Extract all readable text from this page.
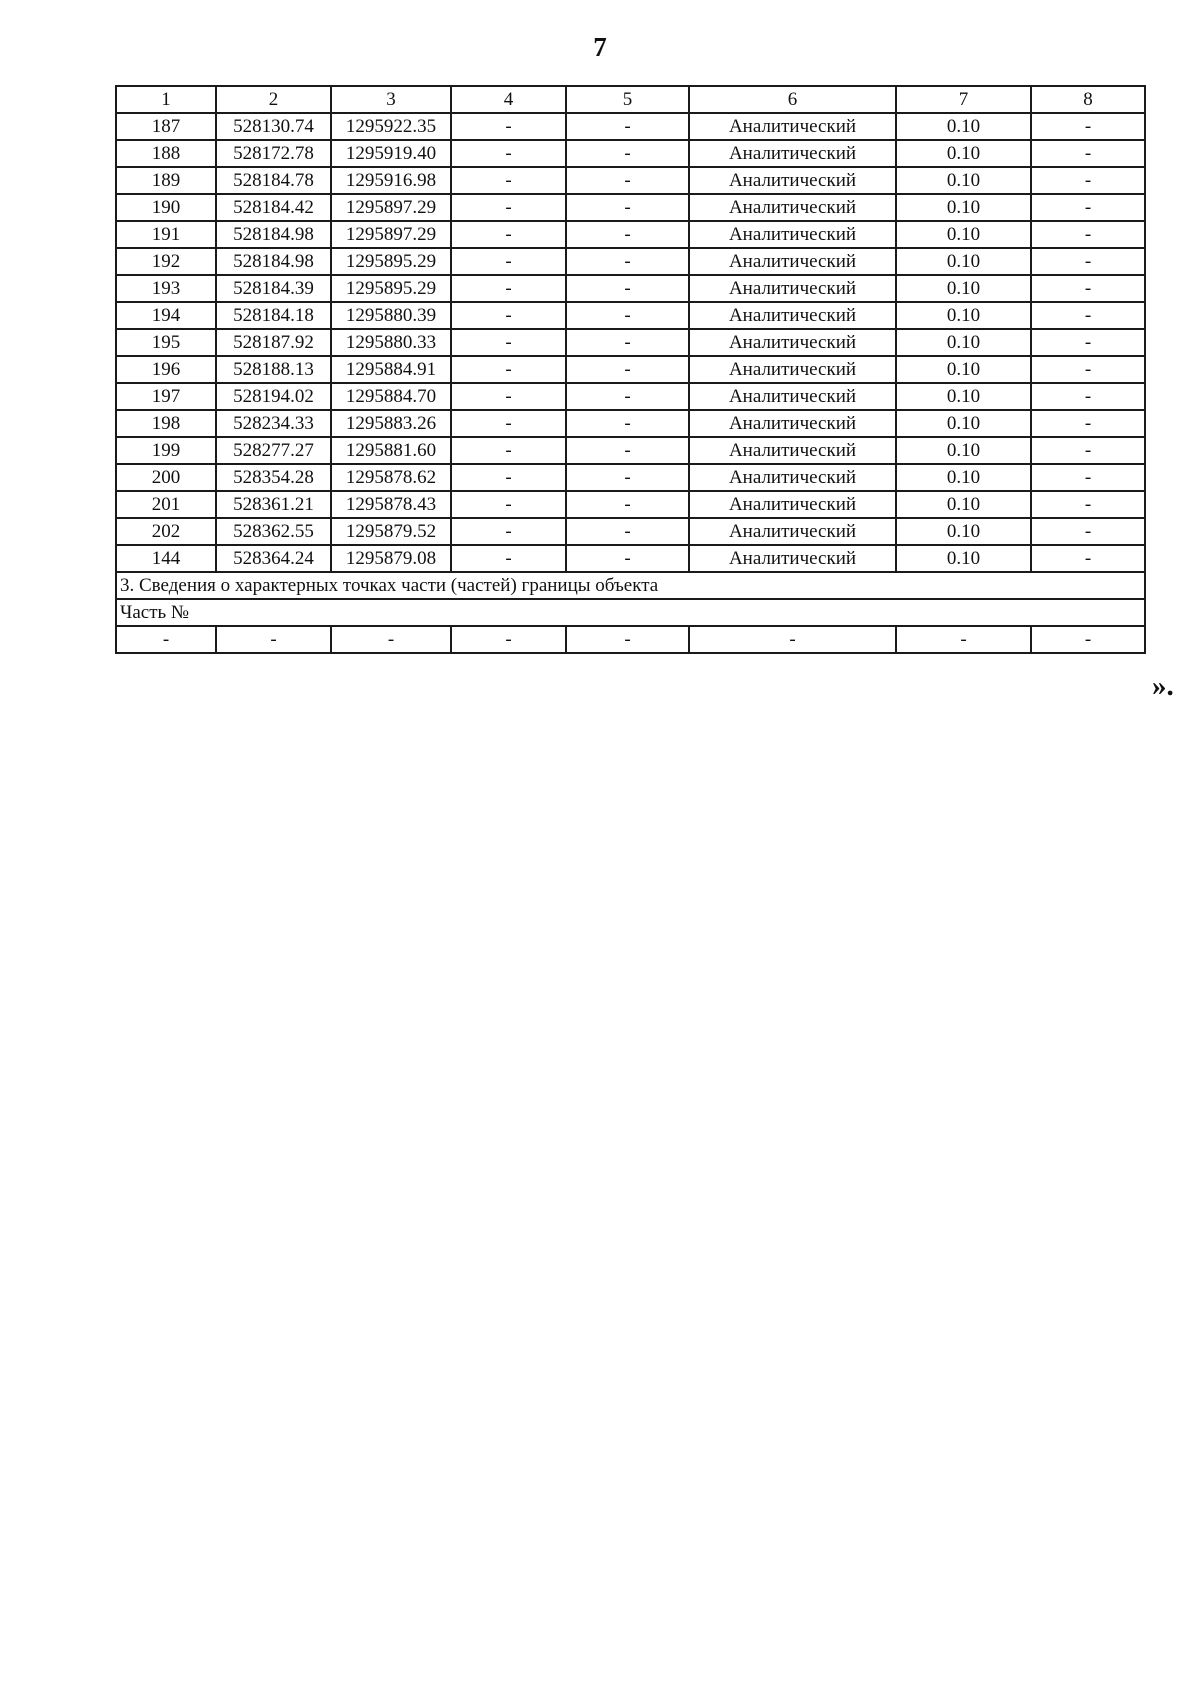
7
1	2	3	4	5	6	7	8
187	528130.74	1295922.35	-	-	Аналитический	0.10	-
188	528172.78	1295919.40	-	-	Аналитический	0.10	-
189	528184.78	1295916.98	-	-	Аналитический	0.10	-
190	528184.42	1295897.29	-	-	Аналитический	0.10	-
191	528184.98	1295897.29	-	-	Аналитический	0.10	-
192	528184.98	1295895.29	-	-	Аналитический	0.10	-
193	528184.39	1295895.29	-	-	Аналитический	0.10	-
194	528184.18	1295880.39	-	-	Аналитический	0.10	-
195	528187.92	1295880.33	-	-	Аналитический	0.10	-
196	528188.13	1295884.91	-	-	Аналитический	0.10	-
197	528194.02	1295884.70	-	-	Аналитический	0.10	-
198	528234.33	1295883.26	-	-	Аналитический	0.10	-
199	528277.27	1295881.60	-	-	Аналитический	0.10	-
200	528354.28	1295878.62	-	-	Аналитический	0.10	-
201	528361.21	1295878.43	-	-	Аналитический	0.10	-
202	528362.55	1295879.52	-	-	Аналитический	0.10	-
144	528364.24	1295879.08	-	-	Аналитический	0.10	-
3. Сведения о характерных точках части (частей) границы объекта							
Часть №							
-	-	-	-	-	-	-	-
».
